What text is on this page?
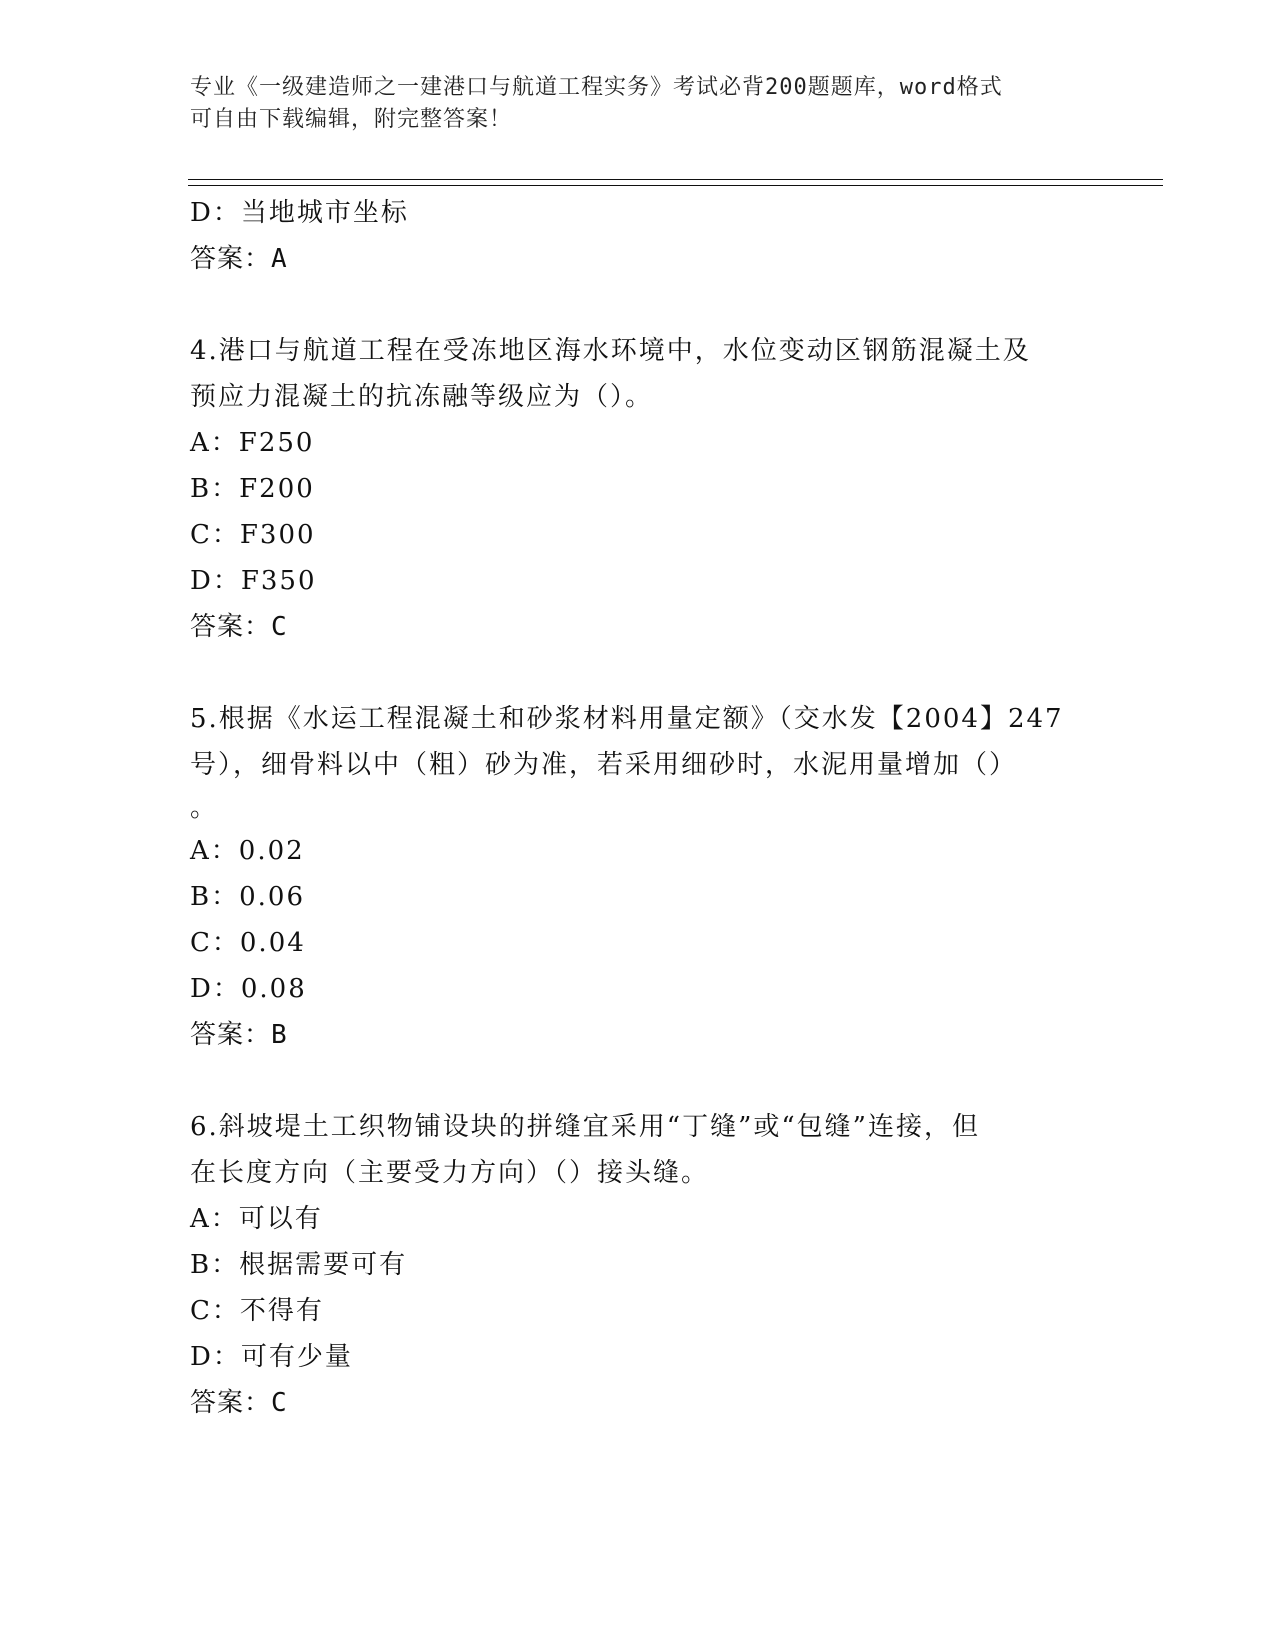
专业《一级建造师之一建港口与航道工程实务》考试必背200题题库，word格式
可自由下载编辑，附完整答案！
D：当地城市坐标
答案：A
4.港口与航道工程在受冻地区海水环境中，水位变动区钢筋混凝土及
预应力混凝土的抗冻融等级应为（）。
A：F250
B：F200
C：F300
D：F350
答案：C
5.根据《水运工程混凝土和砂浆材料用量定额》（交水发【2004】247
号），细骨料以中（粗）砂为准，若采用细砂时，水泥用量增加（）
。
A：0.02
B：0.06
C：0.04
D：0.08
答案：B
6.斜坡堤土工织物铺设块的拼缝宜采用“丁缝”或“包缝”连接，但
在长度方向（主要受力方向）（）接头缝。
A：可以有
B：根据需要可有
C：不得有
D：可有少量
答案：C
